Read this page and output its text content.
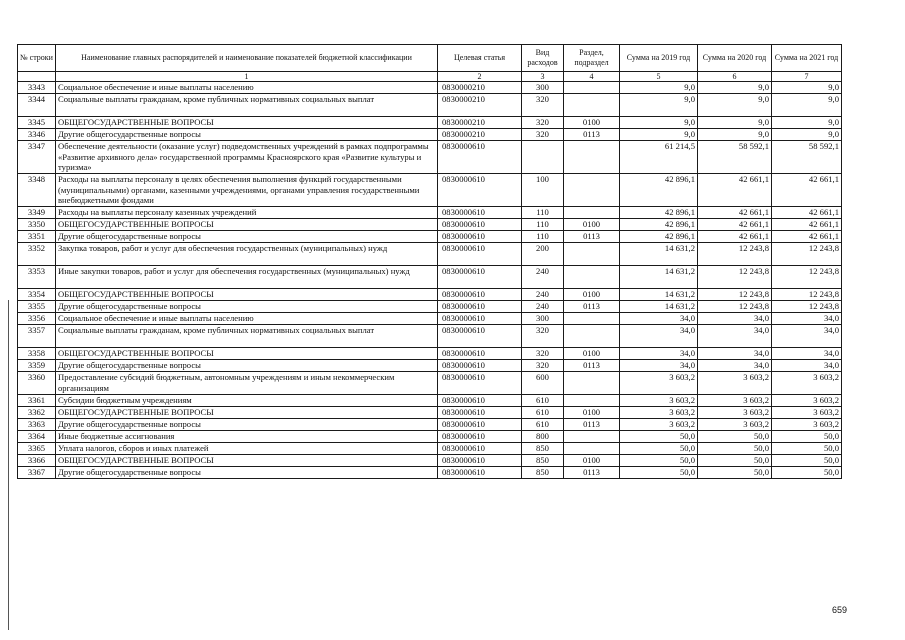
№ строки	Наименование главных распорядителей и наименование показателей бюджетной классификации	Целевая статья	Вид расходов	Раздел, подраздел	Сумма на 2019 год	Сумма на 2020 год	Сумма на 2021 год
	1	2	3	4	5	6	7
3343	Социальное обеспечение и иные выплаты населению	0830000210	300		9,0	9,0	9,0
3344	Социальные выплаты гражданам, кроме публичных нормативных социальных выплат	0830000210	320		9,0	9,0	9,0
3345	ОБЩЕГОСУДАРСТВЕННЫЕ ВОПРОСЫ	0830000210	320	0100	9,0	9,0	9,0
3346	Другие общегосударственные вопросы	0830000210	320	0113	9,0	9,0	9,0
3347	Обеспечение деятельности (оказание услуг) подведомственных учреждений в рамках подпрограммы «Развитие архивного дела» государственной программы Красноярского края «Развитие культуры и туризма»	0830000610			61 214,5	58 592,1	58 592,1
3348	Расходы на выплаты персоналу в целях обеспечения выполнения функций государственными (муниципальными) органами, казенными учреждениями, органами управления государственными внебюджетными фондами	0830000610	100		42 896,1	42 661,1	42 661,1
3349	Расходы на выплаты персоналу казенных учреждений	0830000610	110		42 896,1	42 661,1	42 661,1
3350	ОБЩЕГОСУДАРСТВЕННЫЕ ВОПРОСЫ	0830000610	110	0100	42 896,1	42 661,1	42 661,1
3351	Другие общегосударственные вопросы	0830000610	110	0113	42 896,1	42 661,1	42 661,1
3352	Закупка товаров, работ и услуг для обеспечения государственных (муниципальных) нужд	0830000610	200		14 631,2	12 243,8	12 243,8
3353	Иные закупки товаров, работ и услуг для обеспечения государственных (муниципальных) нужд	0830000610	240		14 631,2	12 243,8	12 243,8
3354	ОБЩЕГОСУДАРСТВЕННЫЕ ВОПРОСЫ	0830000610	240	0100	14 631,2	12 243,8	12 243,8
3355	Другие общегосударственные вопросы	0830000610	240	0113	14 631,2	12 243,8	12 243,8
3356	Социальное обеспечение и иные выплаты населению	0830000610	300		34,0	34,0	34,0
3357	Социальные выплаты гражданам, кроме публичных нормативных социальных выплат	0830000610	320		34,0	34,0	34,0
3358	ОБЩЕГОСУДАРСТВЕННЫЕ ВОПРОСЫ	0830000610	320	0100	34,0	34,0	34,0
3359	Другие общегосударственные вопросы	0830000610	320	0113	34,0	34,0	34,0
3360	Предоставление субсидий бюджетным, автономным учреждениям и иным некоммерческим организациям	0830000610	600		3 603,2	3 603,2	3 603,2
3361	Субсидии бюджетным учреждениям	0830000610	610		3 603,2	3 603,2	3 603,2
3362	ОБЩЕГОСУДАРСТВЕННЫЕ ВОПРОСЫ	0830000610	610	0100	3 603,2	3 603,2	3 603,2
3363	Другие общегосударственные вопросы	0830000610	610	0113	3 603,2	3 603,2	3 603,2
3364	Иные бюджетные ассигнования	0830000610	800		50,0	50,0	50,0
3365	Уплата налогов, сборов и иных платежей	0830000610	850		50,0	50,0	50,0
3366	ОБЩЕГОСУДАРСТВЕННЫЕ ВОПРОСЫ	0830000610	850	0100	50,0	50,0	50,0
3367	Другие общегосударственные вопросы	0830000610	850	0113	50,0	50,0	50,0
659
